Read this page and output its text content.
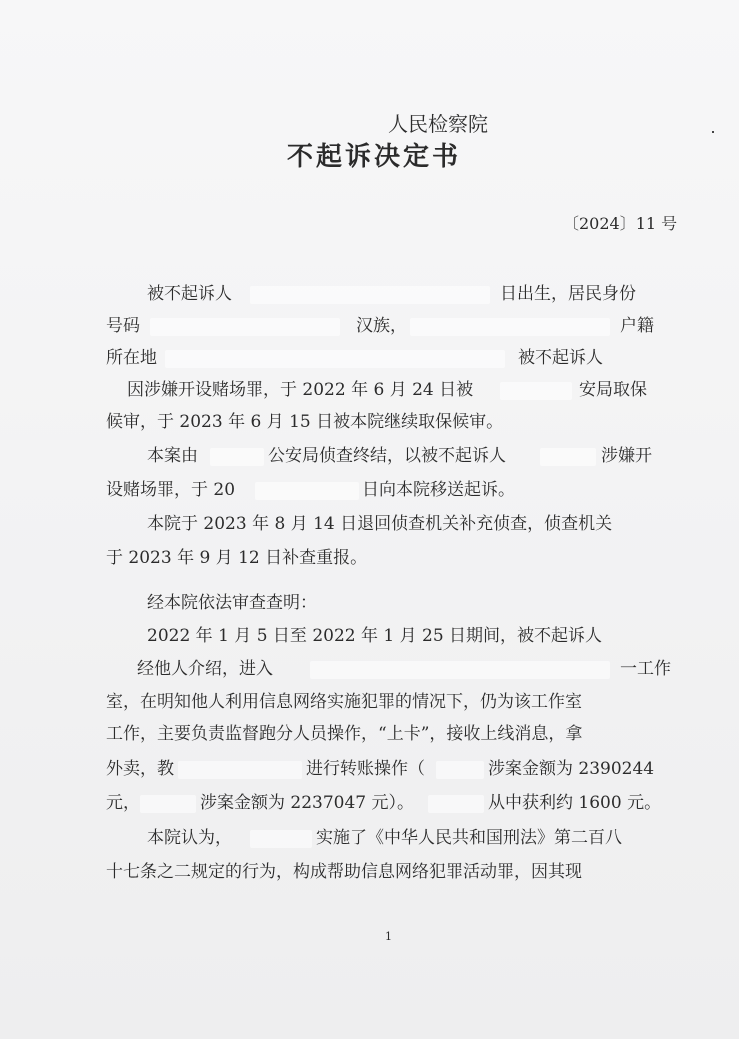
人民检察院
不起诉决定书
〔2024〕11 号
被不起诉人	日出生，居民身份
号码	汉族，	户籍
所在地	被不起诉人
因涉嫌开设赌场罪，于 2022 年 6 月 24 日被	安局取保
候审，于 2023 年 6 月 15 日被本院继续取保候审。
本案由	公安局侦查终结，以被不起诉人	涉嫌开
设赌场罪，于 20	日向本院移送起诉。
本院于 2023 年 8 月 14 日退回侦查机关补充侦查，侦查机关
于 2023 年 9 月 12 日补查重报。
经本院依法审查查明：
2022 年 1 月 5 日至 2022 年 1 月 25 日期间，被不起诉人
经他人介绍，进入	一工作
室，在明知他人利用信息网络实施犯罪的情况下，仍为该工作室
工作，主要负责监督跑分人员操作，“上卡”，接收上线消息，拿
外卖，教	进行转账操作（	涉案金额为 2390244
元，	涉案金额为 2237047 元）。	从中获利约 1600 元。
本院认为，	实施了《中华人民共和国刑法》第二百八
十七条之二规定的行为，构成帮助信息网络犯罪活动罪，因其现
1
